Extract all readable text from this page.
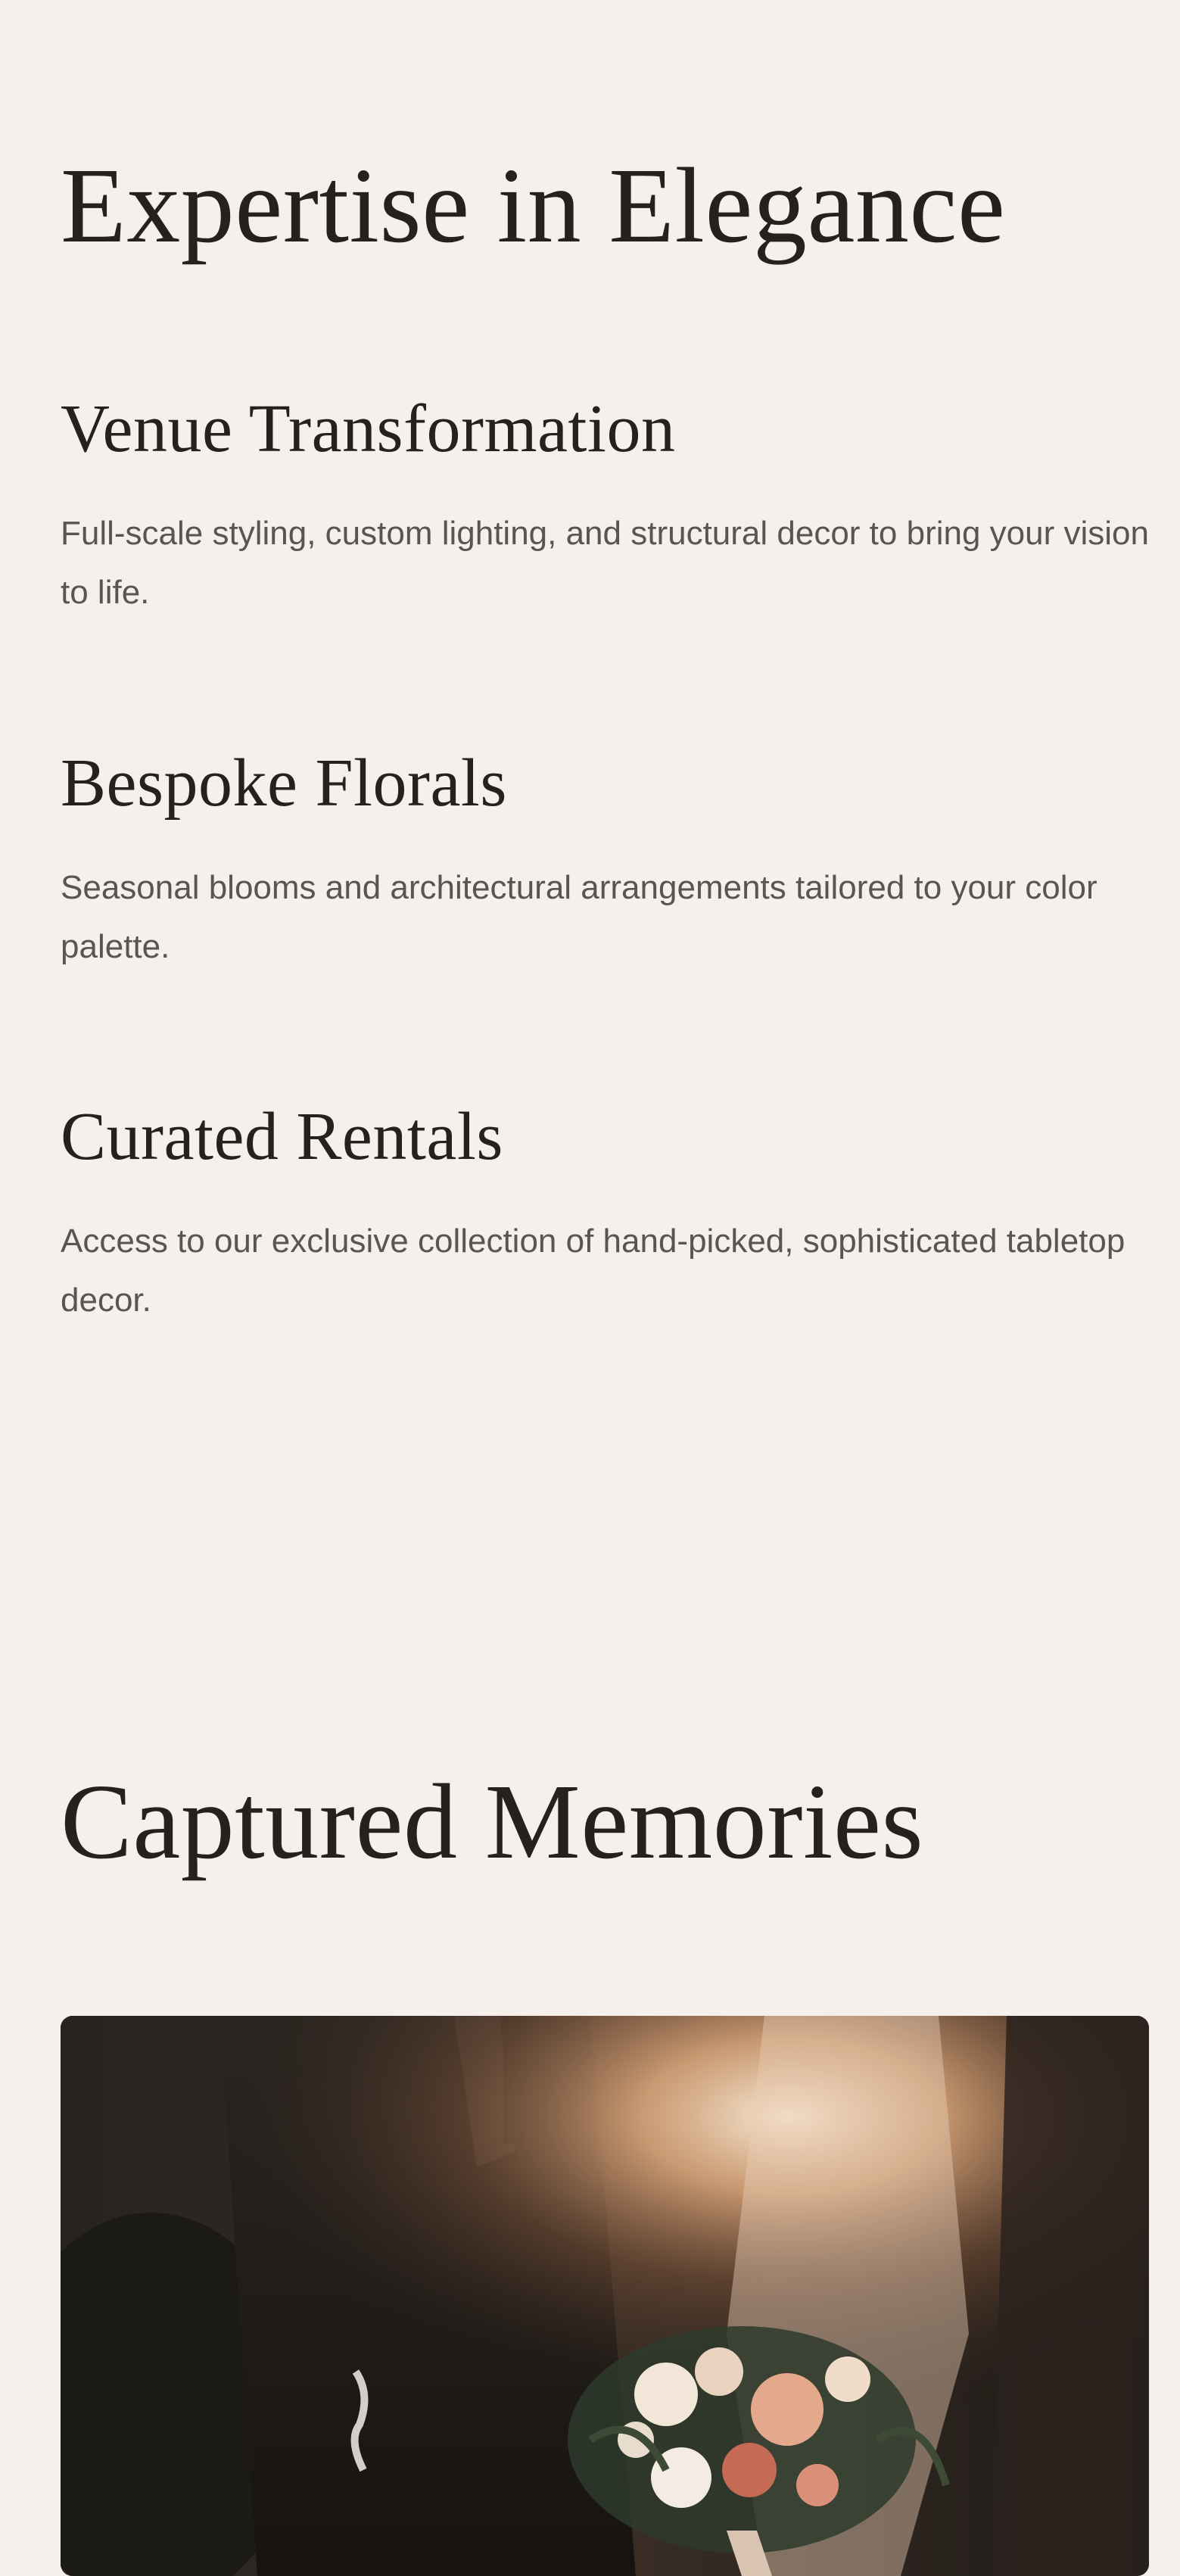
Expertise in Elegance
Venue Transformation

Full-scale styling, custom lighting, and structural decor to bring your vision to life.

Bespoke Florals

Seasonal blooms and architectural arrangements tailored to your color palette.

Curated Rentals

Access to our exclusive collection of hand-picked, sophisticated tabletop decor.

Captured Memories
